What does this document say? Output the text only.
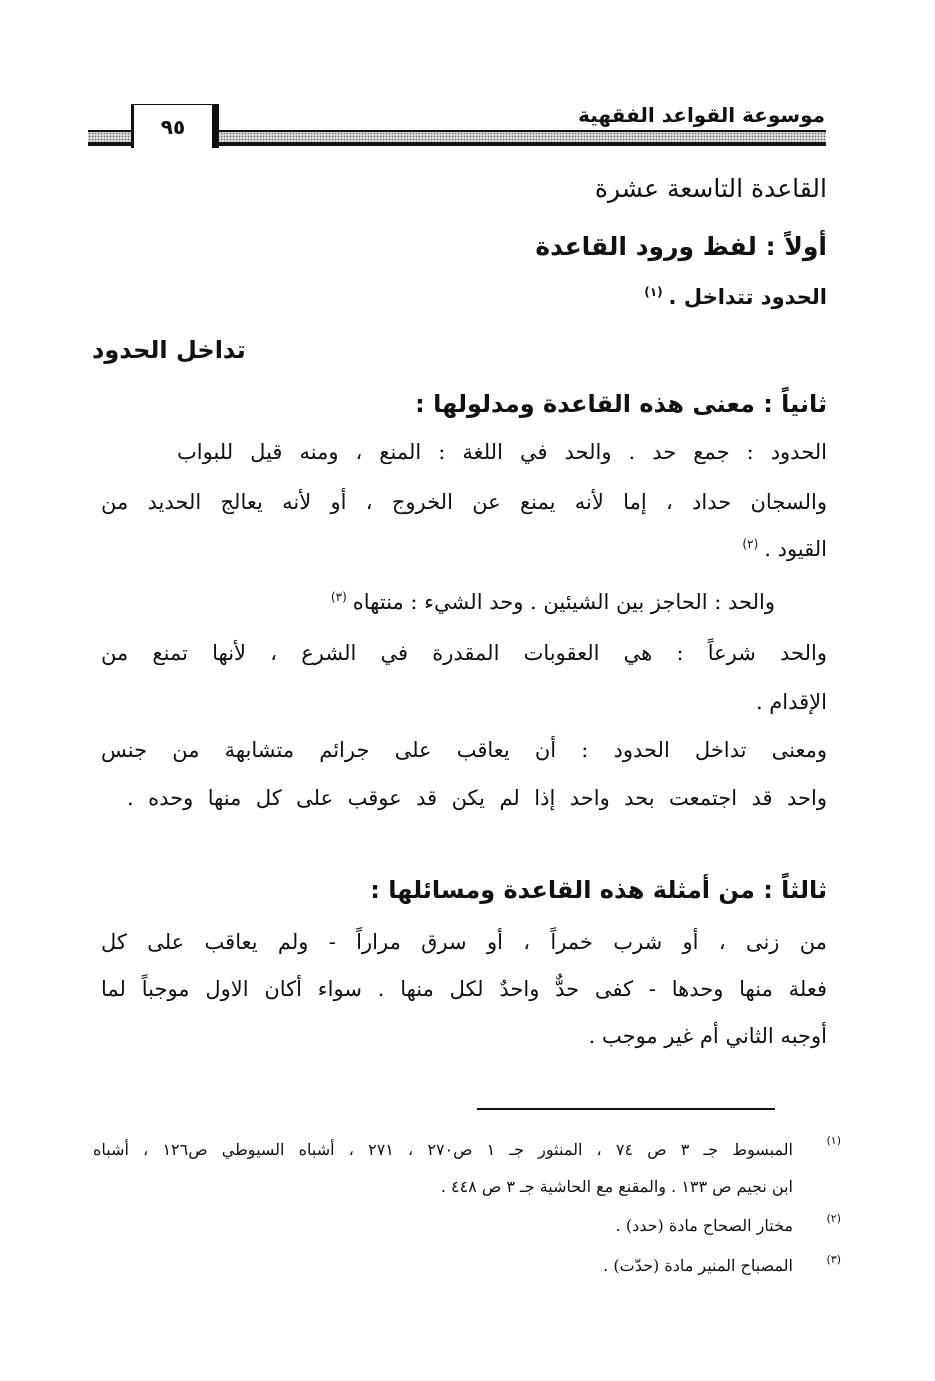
٩٥	موسوعة القواعد الفقهية
القاعدة التاسعة عشرة
أولاً : لفظ ورود القاعدة
الحدود تتداخل .$^{(١)}$
تداخل الحدود
ثانياً : معنى هذه القاعدة ومدلولها :
الحدود : جمع حد . والحد في اللغة : المنع ، ومنه قيل للبواب
والسجان حداد ، إما لأنه يمنع عن الخروج ، أو لأنه يعالج الحديد من
القيود .$^{(٢)}$
والحد : الحاجز بين الشيئين . وحد الشيء : منتهاه$^{(٣)}$
والحد شرعاً : هي العقوبات المقدرة في الشرع ، لأنها تمنع من
الإقدام .
ومعنى تداخل الحدود : أن يعاقب على جرائم متشابهة من جنس
واحد قد اجتمعت بحد واحد إذا لم يكن قد عوقب على كل منها وحده .
ثالثاً : من أمثلة هذه القاعدة ومسائلها :
من زنى ، أو شرب خمراً ، أو سرق مراراً - ولم يعاقب على كل
فعلة منها وحدها - كفى حدٌّ واحدٌ لكل منها . سواء أكان الاول موجباً لما
أوجبه الثاني أم غير موجب .
(١)
المبسوط جـ ٣ ص ٧٤ ، المنثور جـ ١ ص٢٧٠ ، ٢٧١ ، أشباه السيوطي ص١٢٦ ، أشباه
ابن نجيم ص ١٣٣ . والمقنع مع الحاشية جـ ٣ ص ٤٤٨ .
(٢)
مختار الصحاح مادة (حدد) .
(٣)
المصباح المنير مادة (حدّت) .
